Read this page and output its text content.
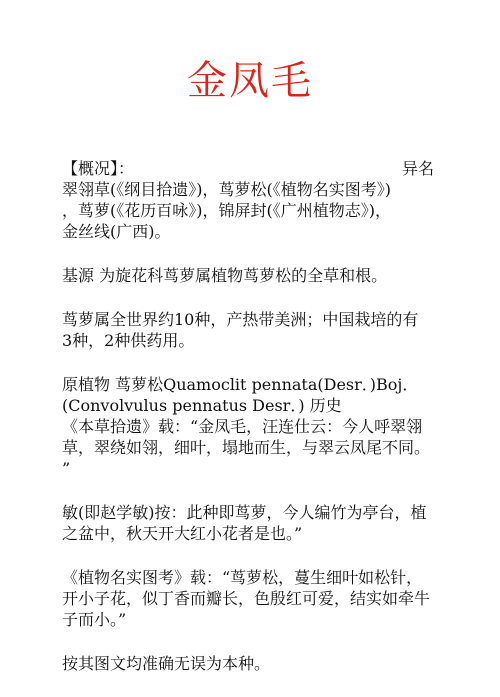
金凤毛
【概况】：	异名
翠翎草(《纲目拾遗》)，茑萝松(《植物名实图考》)
，茑萝(《花历百咏》)，锦屏封(《广州植物志》)，
金丝线(广西)。
基源 为旋花科茑萝属植物茑萝松的全草和根。
茑萝属全世界约10种，产热带美洲；中国栽培的有
3种，2种供药用。
原植物 茑萝松Quamoclit pennata(Desr．)Boj．
(Convolvulus pennatus Desr．) 历史
《本草拾遗》载：“金凤毛，汪连仕云：今人呼翠翎
草，翠绕如翎，细叶，塌地而生，与翠云凤尾不同。
”
敏(即赵学敏)按：此种即茑萝，今人编竹为亭台，植
之盆中，秋天开大红小花者是也。”
《植物名实图考》载：“茑萝松，蔓生细叶如松针，
开小子花，似丁香而瓣长，色殷红可爱，结实如牵牛
子而小。”
按其图文均准确无误为本种。
